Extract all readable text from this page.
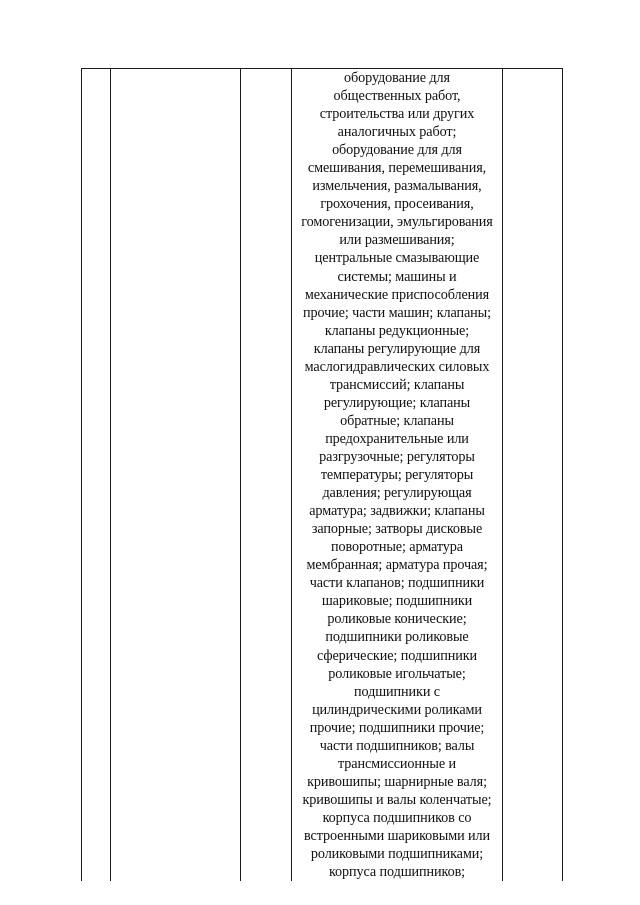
оборудование для
общественных работ,
строительства или других
аналогичных работ;
оборудование для для
смешивания, перемешивания,
измельчения, размалывания,
грохочения, просеивания,
гомогенизации, эмульгирования
или размешивания;
центральные смазывающие
системы; машины и
механические приспособления
прочие; части машин; клапаны;
клапаны редукционные;
клапаны регулирующие для
маслогидравлических силовых
трансмиссий; клапаны
регулирующие; клапаны
обратные; клапаны
предохранительные или
разгрузочные; регуляторы
температуры; регуляторы
давления; регулирующая
арматура; задвижки; клапаны
запорные; затворы дисковые
поворотные; арматура
мембранная; арматура прочая;
части клапанов; подшипники
шариковые; подшипники
роликовые конические;
подшипники роликовые
сферические; подшипники
роликовые игольчатые;
подшипники с
цилиндрическими роликами
прочие; подшипники прочие;
части подшипников; валы
трансмиссионные и
кривошипы; шарнирные валя;
кривошипы и валы коленчатые;
корпуса подшипников со
встроенными шариковыми или
роликовыми подшипниками;
корпуса подшипников;
